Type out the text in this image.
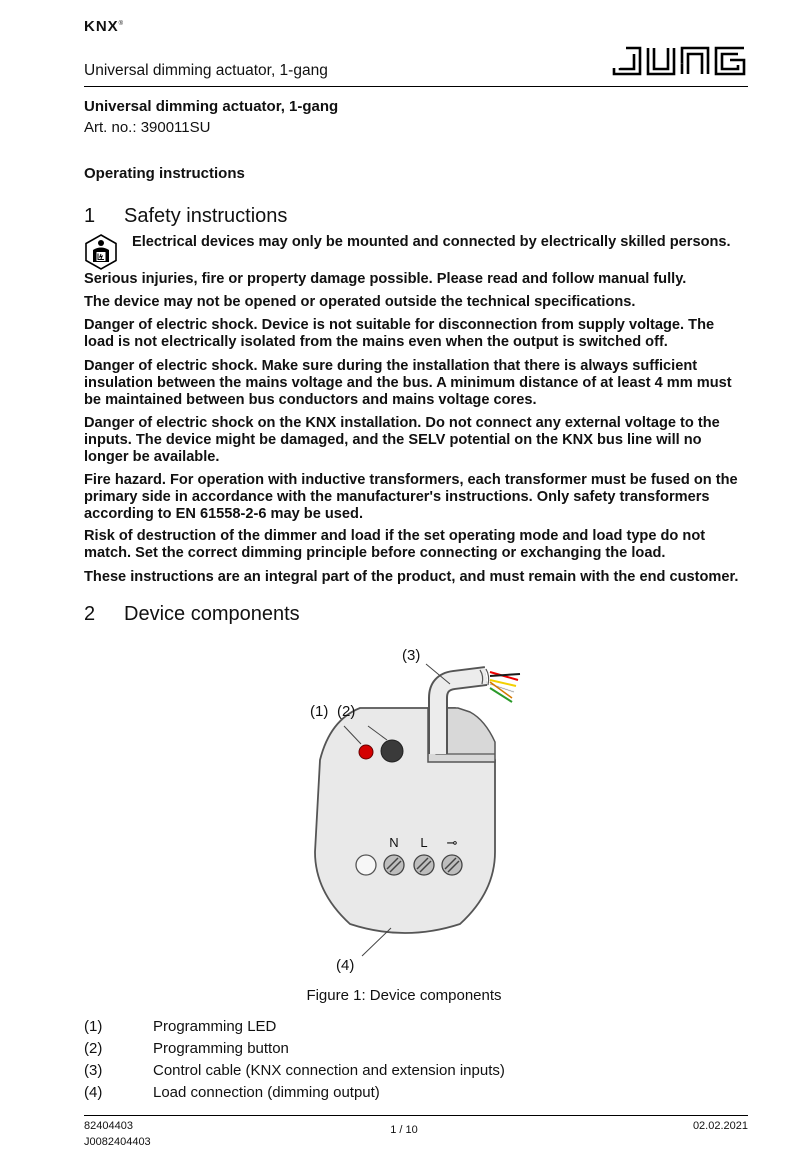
KNX®
Universal dimming actuator, 1-gang	JUNG
Universal dimming actuator, 1-gang
Art. no.: 390011SU
Operating instructions
1 Safety instructions
Electrical devices may only be mounted and connected by electrically skilled persons.
Serious injuries, fire or property damage possible. Please read and follow manual fully.
The device may not be opened or operated outside the technical specifications.
Danger of electric shock. Device is not suitable for disconnection from supply voltage. The load is not electrically isolated from the mains even when the output is switched off.
Danger of electric shock. Make sure during the installation that there is always sufficient insulation between the mains voltage and the bus. A minimum distance of at least 4 mm must be maintained between bus conductors and mains voltage cores.
Danger of electric shock on the KNX installation. Do not connect any external voltage to the inputs. The device might be damaged, and the SELV potential on the KNX bus line will no longer be available.
Fire hazard. For operation with inductive transformers, each transformer must be fused on the primary side in accordance with the manufacturer's instructions. Only safety transformers according to EN 61558-2-6 may be used.
Risk of destruction of the dimmer and load if the set operating mode and load type do not match. Set the correct dimming principle before connecting or exchanging the load.
These instructions are an integral part of the product, and must remain with the end customer.
2 Device components
N L ⊸
(1) (2)
(3)
(4)
Figure 1: Device components
(1)	Programming LED
(2)	Programming button
(3)	Control cable (KNX connection and extension inputs)
(4)	Load connection (dimming output)
82404403
J0082404403
1 / 10	02.02.2021
